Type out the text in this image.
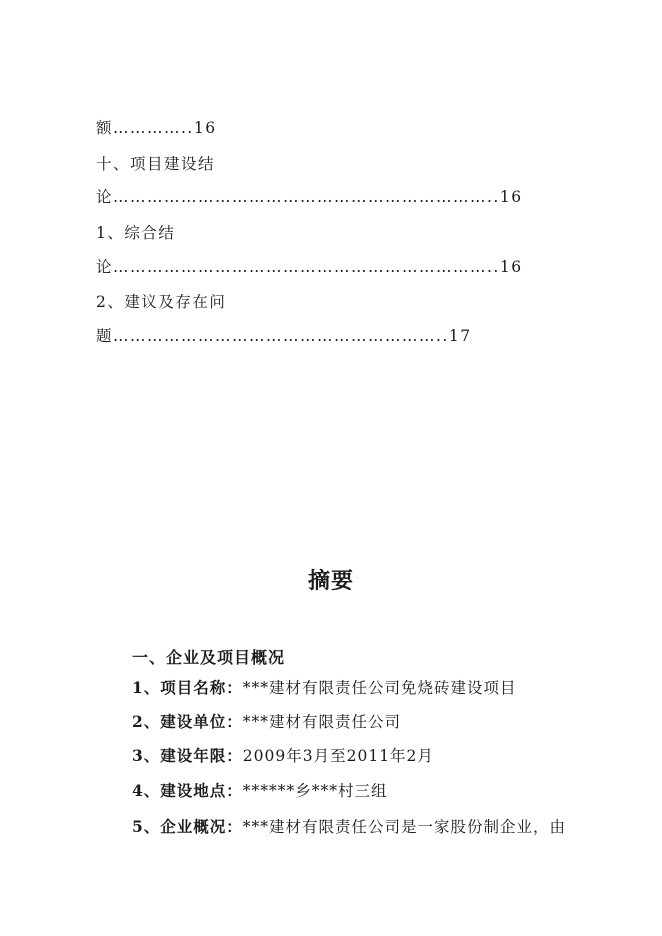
额…………..16
十、项目建设结
论…………………………………………………………..16
1、综合结
论…………………………………………………………..16
2、建议及存在问
题…………………………………………………..17
摘要
一、企业及项目概况
1、项目名称：***建材有限责任公司免烧砖建设项目
2、建设单位：***建材有限责任公司
3、建设年限：2009年3月至2011年2月
4、建设地点：******乡***村三组
5、企业概况：***建材有限责任公司是一家股份制企业，由
